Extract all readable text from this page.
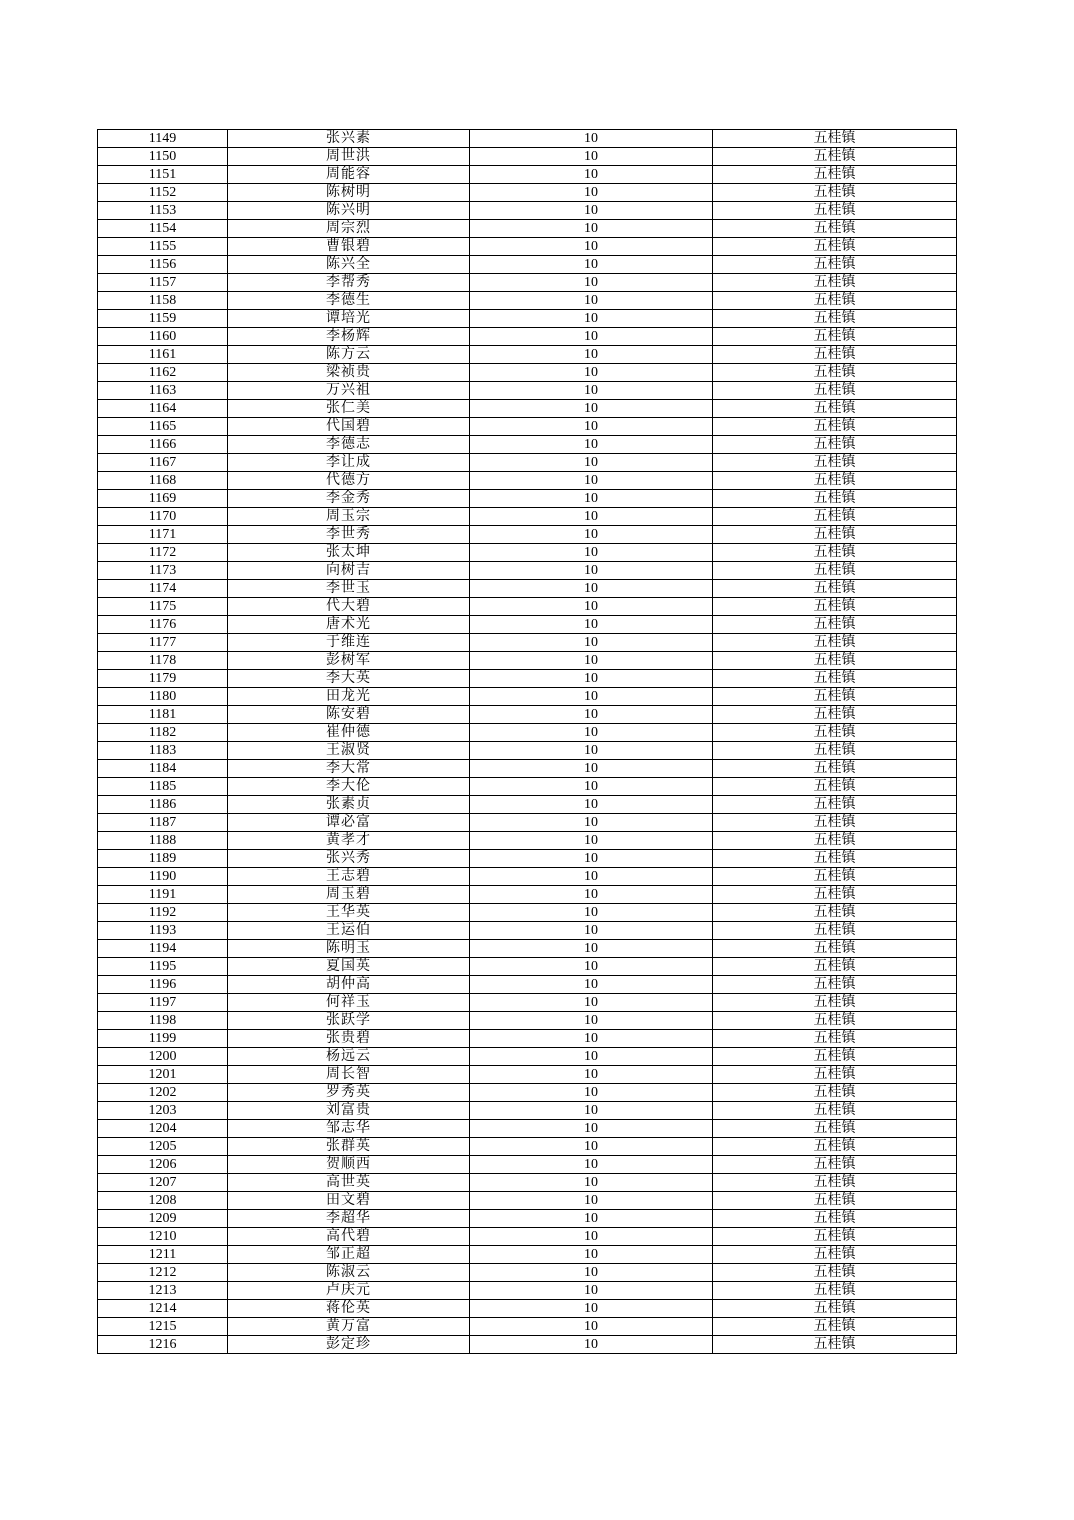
1149	张兴素	10	五桂镇
1150	周世洪	10	五桂镇
1151	周能容	10	五桂镇
1152	陈树明	10	五桂镇
1153	陈兴明	10	五桂镇
1154	周宗烈	10	五桂镇
1155	曹银碧	10	五桂镇
1156	陈兴全	10	五桂镇
1157	李帮秀	10	五桂镇
1158	李德生	10	五桂镇
1159	谭培光	10	五桂镇
1160	李杨辉	10	五桂镇
1161	陈方云	10	五桂镇
1162	梁祯贵	10	五桂镇
1163	万兴祖	10	五桂镇
1164	张仁美	10	五桂镇
1165	代国碧	10	五桂镇
1166	李德志	10	五桂镇
1167	李让成	10	五桂镇
1168	代德方	10	五桂镇
1169	李金秀	10	五桂镇
1170	周玉宗	10	五桂镇
1171	李世秀	10	五桂镇
1172	张太坤	10	五桂镇
1173	向树吉	10	五桂镇
1174	李世玉	10	五桂镇
1175	代大碧	10	五桂镇
1176	唐术光	10	五桂镇
1177	于维连	10	五桂镇
1178	彭树军	10	五桂镇
1179	李大英	10	五桂镇
1180	田龙光	10	五桂镇
1181	陈安碧	10	五桂镇
1182	崔仲德	10	五桂镇
1183	王淑贤	10	五桂镇
1184	李大常	10	五桂镇
1185	李大伦	10	五桂镇
1186	张素贞	10	五桂镇
1187	谭必富	10	五桂镇
1188	黄孝才	10	五桂镇
1189	张兴秀	10	五桂镇
1190	王志碧	10	五桂镇
1191	周玉碧	10	五桂镇
1192	王华英	10	五桂镇
1193	王运伯	10	五桂镇
1194	陈明玉	10	五桂镇
1195	夏国英	10	五桂镇
1196	胡仲高	10	五桂镇
1197	何祥玉	10	五桂镇
1198	张跃学	10	五桂镇
1199	张贵碧	10	五桂镇
1200	杨远云	10	五桂镇
1201	周长智	10	五桂镇
1202	罗秀英	10	五桂镇
1203	刘富贵	10	五桂镇
1204	邹志华	10	五桂镇
1205	张群英	10	五桂镇
1206	贺顺西	10	五桂镇
1207	高世英	10	五桂镇
1208	田文碧	10	五桂镇
1209	李超华	10	五桂镇
1210	高代碧	10	五桂镇
1211	邹正超	10	五桂镇
1212	陈淑云	10	五桂镇
1213	卢庆元	10	五桂镇
1214	蒋伦英	10	五桂镇
1215	黄万富	10	五桂镇
1216	彭定珍	10	五桂镇
